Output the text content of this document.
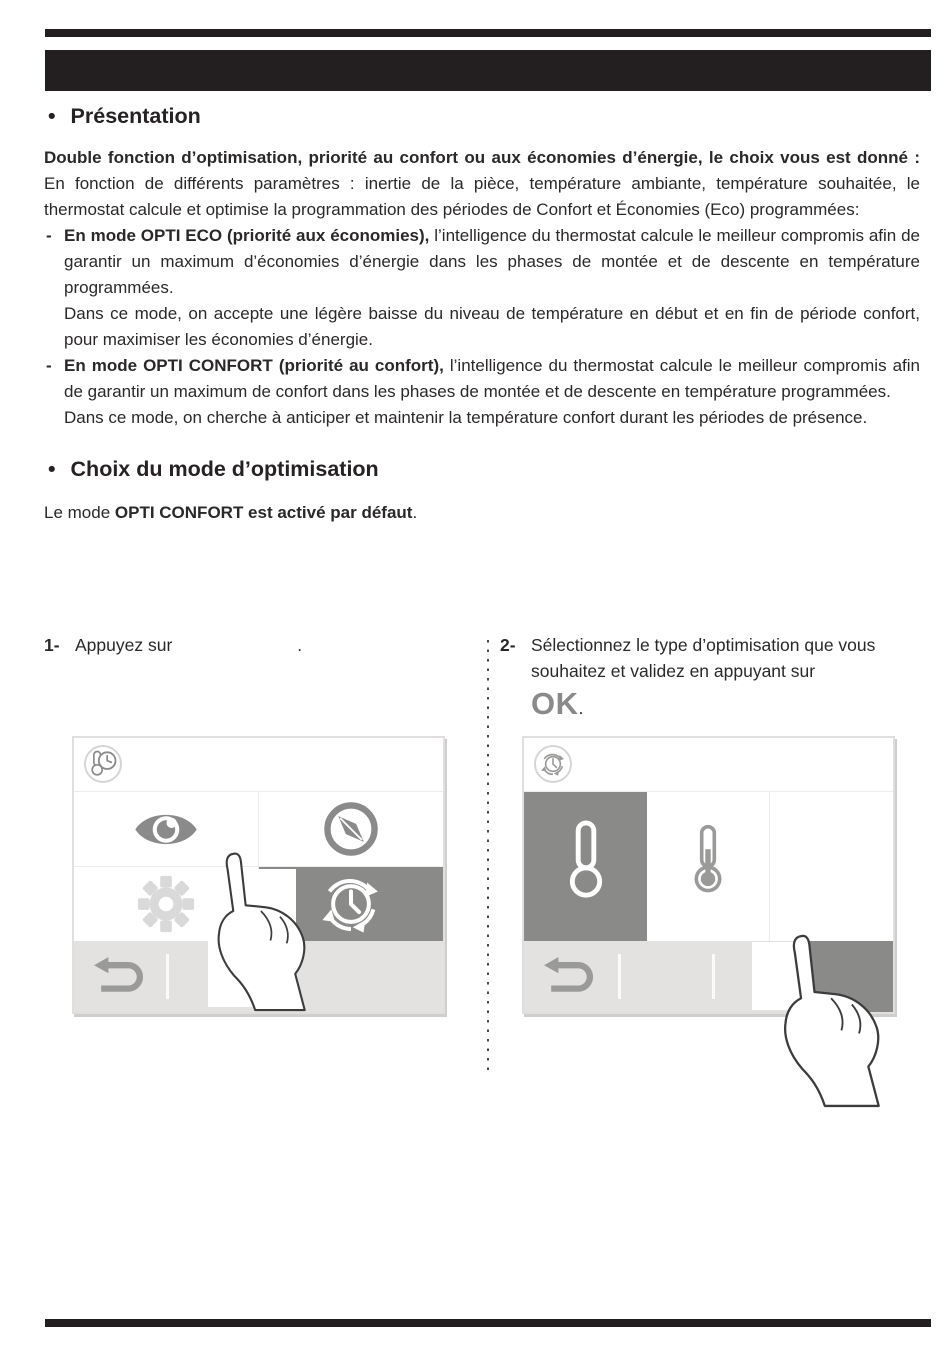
• Présentation

Double fonction d’optimisation, priorité au confort ou aux économies d’énergie, le choix vous est donné : En fonction de différents paramètres : inertie de la pièce, température ambiante, température souhaitée, le thermostat calcule et optimise la programmation des périodes de Confort et Économies (Eco) programmées:

- En mode OPTI ECO (priorité aux économies), l’intelligence du thermostat calcule le meilleur compromis afin de garantir un maximum d’économies d’énergie dans les phases de montée et de descente en température programmées.
Dans ce mode, on accepte une légère baisse du niveau de température en début et en fin de période confort, pour maximiser les économies d’énergie.
- En mode OPTI CONFORT (priorité au confort), l’intelligence du thermostat calcule le meilleur compromis afin de garantir un maximum de confort dans les phases de montée et de descente en température programmées.
Dans ce mode, on cherche à anticiper et maintenir la température confort durant les périodes de présence.
• Choix du mode d’optimisation

Le mode OPTI CONFORT est activé par défaut.

1- Appuyez sur	.	2- Sélectionnez le type d’optimisation que vous souhaitez et validez en appuyant sur
OK.
